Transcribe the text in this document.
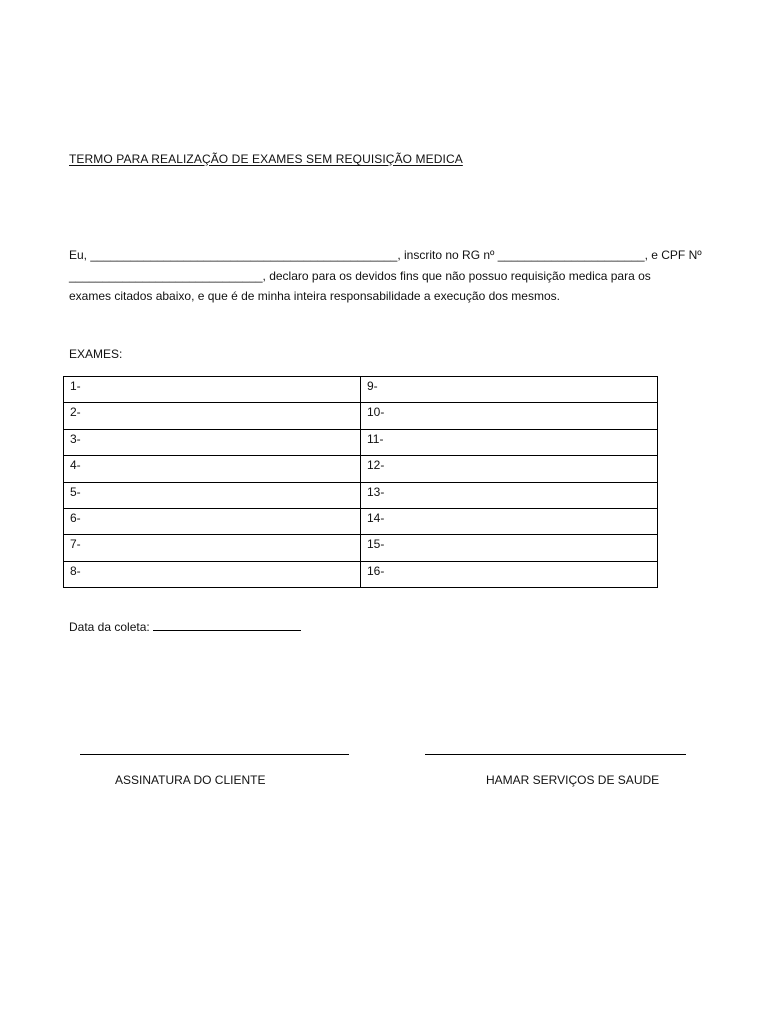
TERMO PARA REALIZAÇÃO DE EXAMES SEM REQUISIÇÃO MEDICA
Eu, ______________________________________________, inscrito no RG nº ______________________, e CPF Nº
_____________________________, declaro para os devidos fins que não possuo requisição medica para os
exames citados abaixo, e que é de minha inteira responsabilidade a execução dos mesmos.
EXAMES:
1-	9-

2-	10-

3-	11-

4-	12-

5-	13-

6-	14-

7-	15-

8-	16-
Data da coleta:
ASSINATURA DO CLIENTE	HAMAR SERVIÇOS DE SAUDE
